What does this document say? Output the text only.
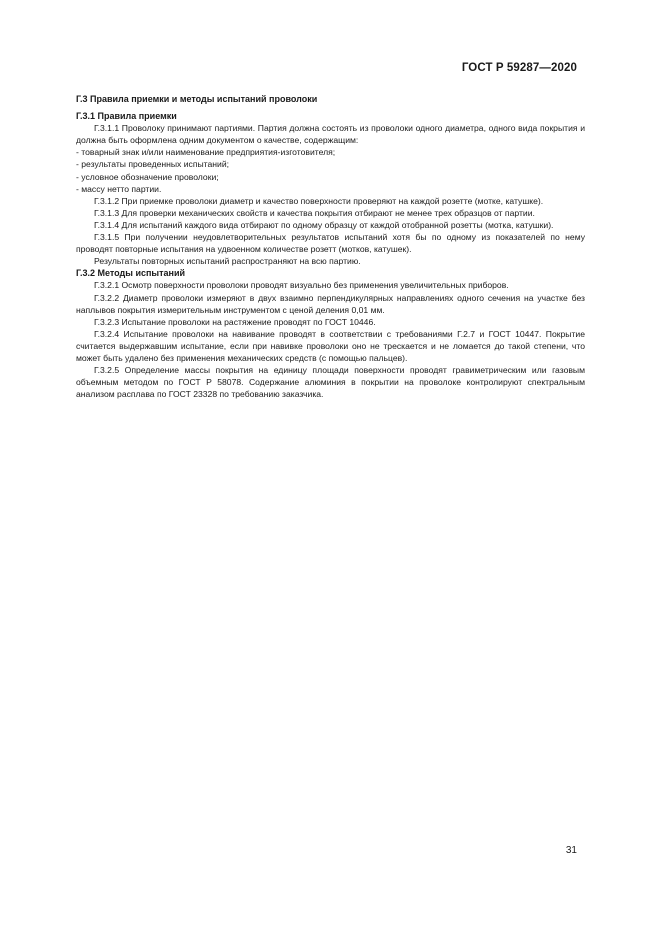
ГОСТ Р 59287—2020
Г.3 Правила приемки и методы испытаний проволоки
Г.3.1 Правила приемки

Г.3.1.1 Проволоку принимают партиями. Партия должна состоять из проволоки одного диаметра, одного вида покрытия и должна быть оформлена одним документом о качестве, содержащим:

- товарный знак и/или наименование предприятия-изготовителя;

- результаты проведенных испытаний;

- условное обозначение проволоки;

- массу нетто партии.

Г.3.1.2 При приемке проволоки диаметр и качество поверхности проверяют на каждой розетте (мотке, катушке).

Г.3.1.3 Для проверки механических свойств и качества покрытия отбирают не менее трех образцов от партии.

Г.3.1.4 Для испытаний каждого вида отбирают по одному образцу от каждой отобранной розетты (мотка, катушки).

Г.3.1.5 При получении неудовлетворительных результатов испытаний хотя бы по одному из показателей по нему проводят повторные испытания на удвоенном количестве розетт (мотков, катушек).

Результаты повторных испытаний распространяют на всю партию.

Г.3.2 Методы испытаний

Г.3.2.1 Осмотр поверхности проволоки проводят визуально без применения увеличительных приборов.

Г.3.2.2 Диаметр проволоки измеряют в двух взаимно перпендикулярных направлениях одного сечения на участке без наплывов покрытия измерительным инструментом с ценой деления 0,01 мм.

Г.3.2.3 Испытание проволоки на растяжение проводят по ГОСТ 10446.

Г.3.2.4 Испытание проволоки на навивание проводят в соответствии с требованиями Г.2.7 и ГОСТ 10447. Покрытие считается выдержавшим испытание, если при навивке проволоки оно не трескается и не ломается до такой степени, что может быть удалено без применения механических средств (с помощью пальцев).

Г.3.2.5 Определение массы покрытия на единицу площади поверхности проводят гравиметрическим или газовым объемным методом по ГОСТ Р 58078. Содержание алюминия в покрытии на проволоке контролируют спектральным анализом расплава по ГОСТ 23328 по требованию заказчика.

31
